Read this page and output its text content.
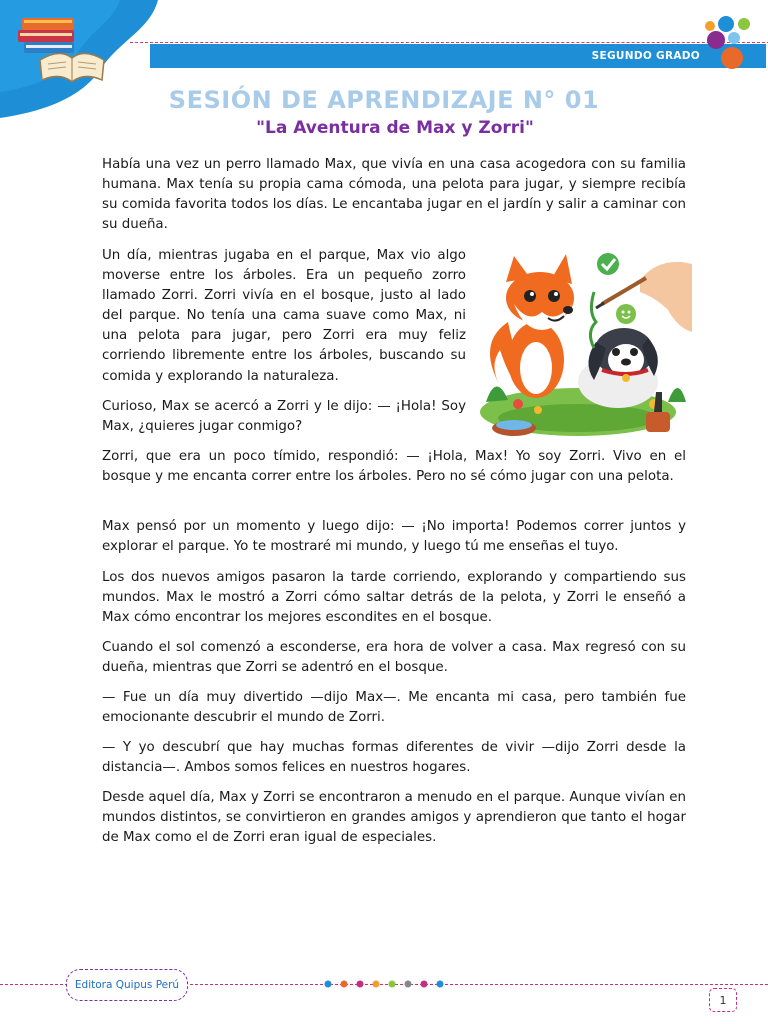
SEGUNDO GRADO
SESIÓN DE APRENDIZAJE N° 01
"La Aventura de Max y Zorri"

Había una vez un perro llamado Max, que vivía en una casa acogedora con su familia humana. Max tenía su propia cama cómoda, una pelota para jugar, y siempre recibía su comida favorita todos los días. Le encantaba jugar en el jardín y salir a caminar con su dueña.

Un día, mientras jugaba en el parque, Max vio algo moverse entre los árboles. Era un pequeño zorro llamado Zorri. Zorri vivía en el bosque, justo al lado del parque. No tenía una cama suave como Max, ni una pelota para jugar, pero Zorri era muy feliz corriendo libremente entre los árboles, buscando su comida y explorando la naturaleza.

Curioso, Max se acercó a Zorri y le dijo: — ¡Hola! Soy Max, ¿quieres jugar conmigo?

Zorri, que era un poco tímido, respondió: — ¡Hola, Max! Yo soy Zorri. Vivo en el bosque y me encanta correr entre los árboles. Pero no sé cómo jugar con una pelota.

Max pensó por un momento y luego dijo: — ¡No importa! Podemos correr juntos y explorar el parque. Yo te mostraré mi mundo, y luego tú me enseñas el tuyo.

Los dos nuevos amigos pasaron la tarde corriendo, explorando y compartiendo sus mundos. Max le mostró a Zorri cómo saltar detrás de la pelota, y Zorri le enseñó a Max cómo encontrar los mejores escondites en el bosque.

Cuando el sol comenzó a esconderse, era hora de volver a casa. Max regresó con su dueña, mientras que Zorri se adentró en el bosque.

— Fue un día muy divertido —dijo Max—. Me encanta mi casa, pero también fue emocionante descubrir el mundo de Zorri.

— Y yo descubrí que hay muchas formas diferentes de vivir —dijo Zorri desde la distancia—. Ambos somos felices en nuestros hogares.

Desde aquel día, Max y Zorri se encontraron a menudo en el parque. Aunque vivían en mundos distintos, se convirtieron en grandes amigos y aprendieron que tanto el hogar de Max como el de Zorri eran igual de especiales.

Editora Quipus Perú
1
